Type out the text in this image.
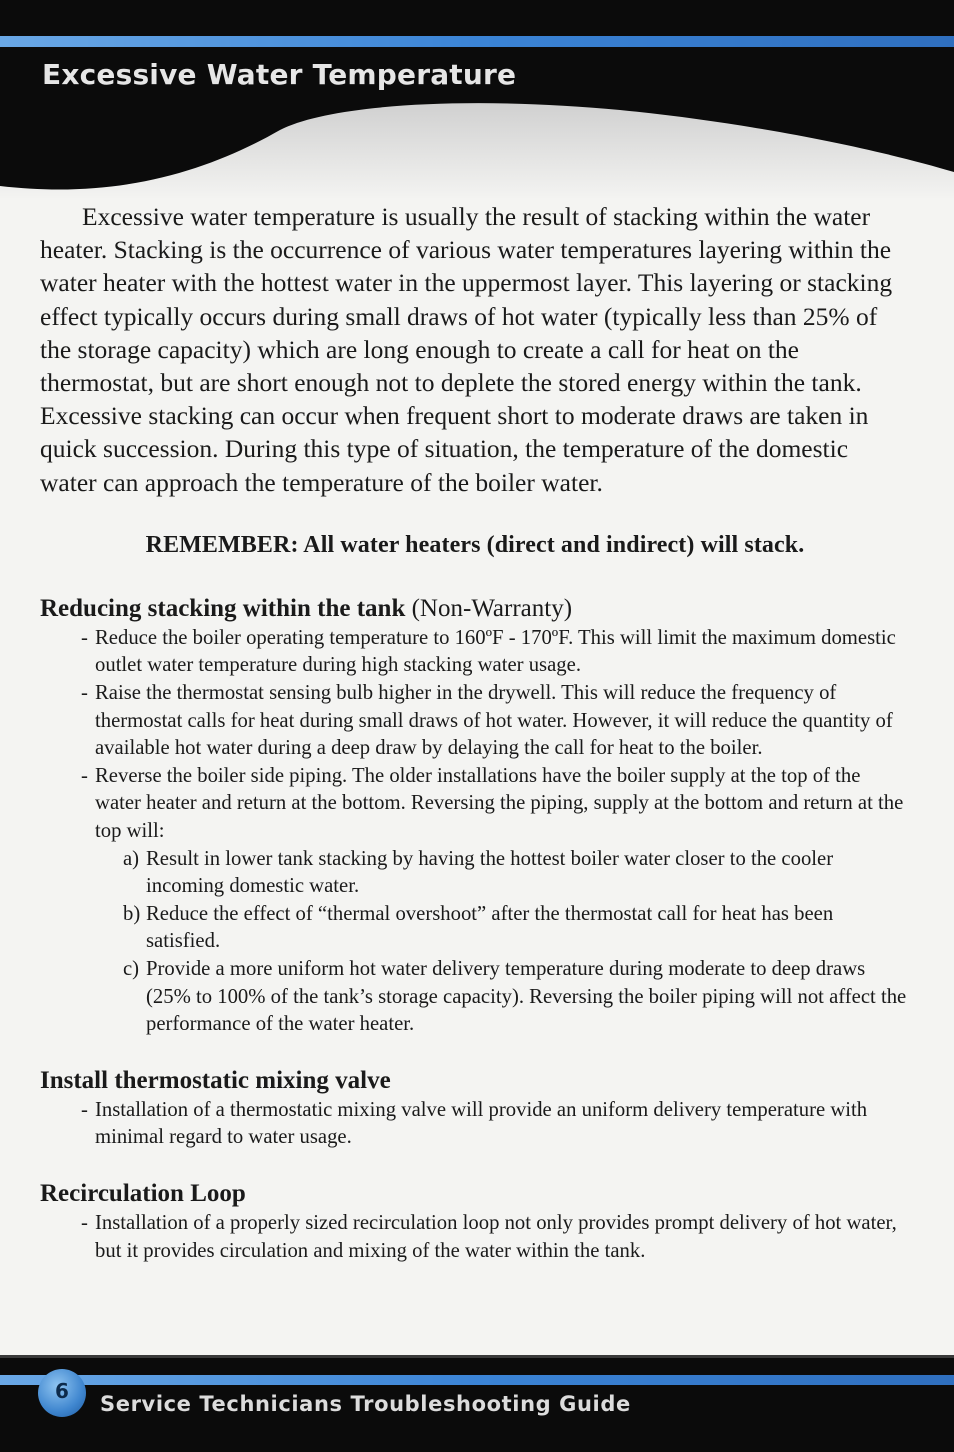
Excessive Water Temperature

Excessive water temperature is usually the result of stacking within the water heater. Stacking is the occurrence of various water temperatures layering within the water heater with the hottest water in the uppermost layer. This layering or stacking effect typically occurs during small draws of hot water (typically less than 25% of the storage capacity) which are long enough to create a call for heat on the thermostat, but are short enough not to deplete the stored energy within the tank. Excessive stacking can occur when frequent short to moderate draws are taken in quick succession. During this type of situation, the temperature of the domestic water can approach the temperature of the boiler water.

REMEMBER: All water heaters (direct and indirect) will stack.

Reducing stacking within the tank (Non-Warranty)
- Reduce the boiler operating temperature to 160ºF - 170ºF. This will limit the maximum domestic outlet water temperature during high stacking water usage.
- Raise the thermostat sensing bulb higher in the drywell. This will reduce the frequency of thermostat calls for heat during small draws of hot water. However, it will reduce the quantity of available hot water during a deep draw by delaying the call for heat to the boiler.
- Reverse the boiler side piping. The older installations have the boiler supply at the top of the water heater and return at the bottom. Reversing the piping, supply at the bottom and return at the top will:
a) Result in lower tank stacking by having the hottest boiler water closer to the cooler incoming domestic water.
b) Reduce the effect of “thermal overshoot” after the thermostat call for heat has been satisfied.
c) Provide a more uniform hot water delivery temperature during moderate to deep draws (25% to 100% of the tank’s storage capacity). Reversing the boiler piping will not affect the performance of the water heater.
Install thermostatic mixing valve
- Installation of a thermostatic mixing valve will provide an uniform delivery temperature with minimal regard to water usage.
Recirculation Loop
- Installation of a properly sized recirculation loop not only provides prompt delivery of hot water, but it provides circulation and mixing of the water within the tank.
6
Service Technicians Troubleshooting Guide
